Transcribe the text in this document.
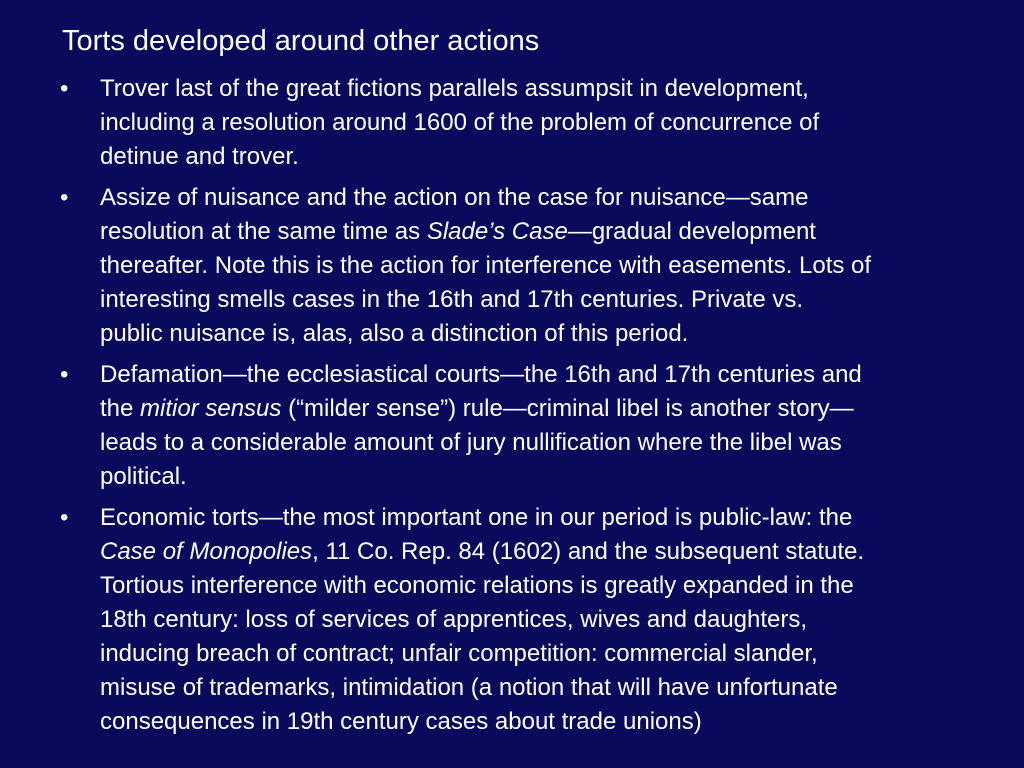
Torts developed around other actions
• Trover last of the great fictions parallels assumpsit in development,
including a resolution around 1600 of the problem of concurrence of
detinue and trover.
• Assize of nuisance and the action on the case for nuisance—same
resolution at the same time as Slade’s Case—gradual development
thereafter. Note this is the action for interference with easements. Lots of
interesting smells cases in the 16th and 17th centuries. Private vs.
public nuisance is, alas, also a distinction of this period.
• Defamation—the ecclesiastical courts—the 16th and 17th centuries and
the mitior sensus (“milder sense”) rule—criminal libel is another story—
leads to a considerable amount of jury nullification where the libel was
political.
• Economic torts—the most important one in our period is public-law: the
Case of Monopolies, 11 Co. Rep. 84 (1602) and the subsequent statute.
Tortious interference with economic relations is greatly expanded in the
18th century: loss of services of apprentices, wives and daughters,
inducing breach of contract; unfair competition: commercial slander,
misuse of trademarks, intimidation (a notion that will have unfortunate
consequences in 19th century cases about trade unions)
